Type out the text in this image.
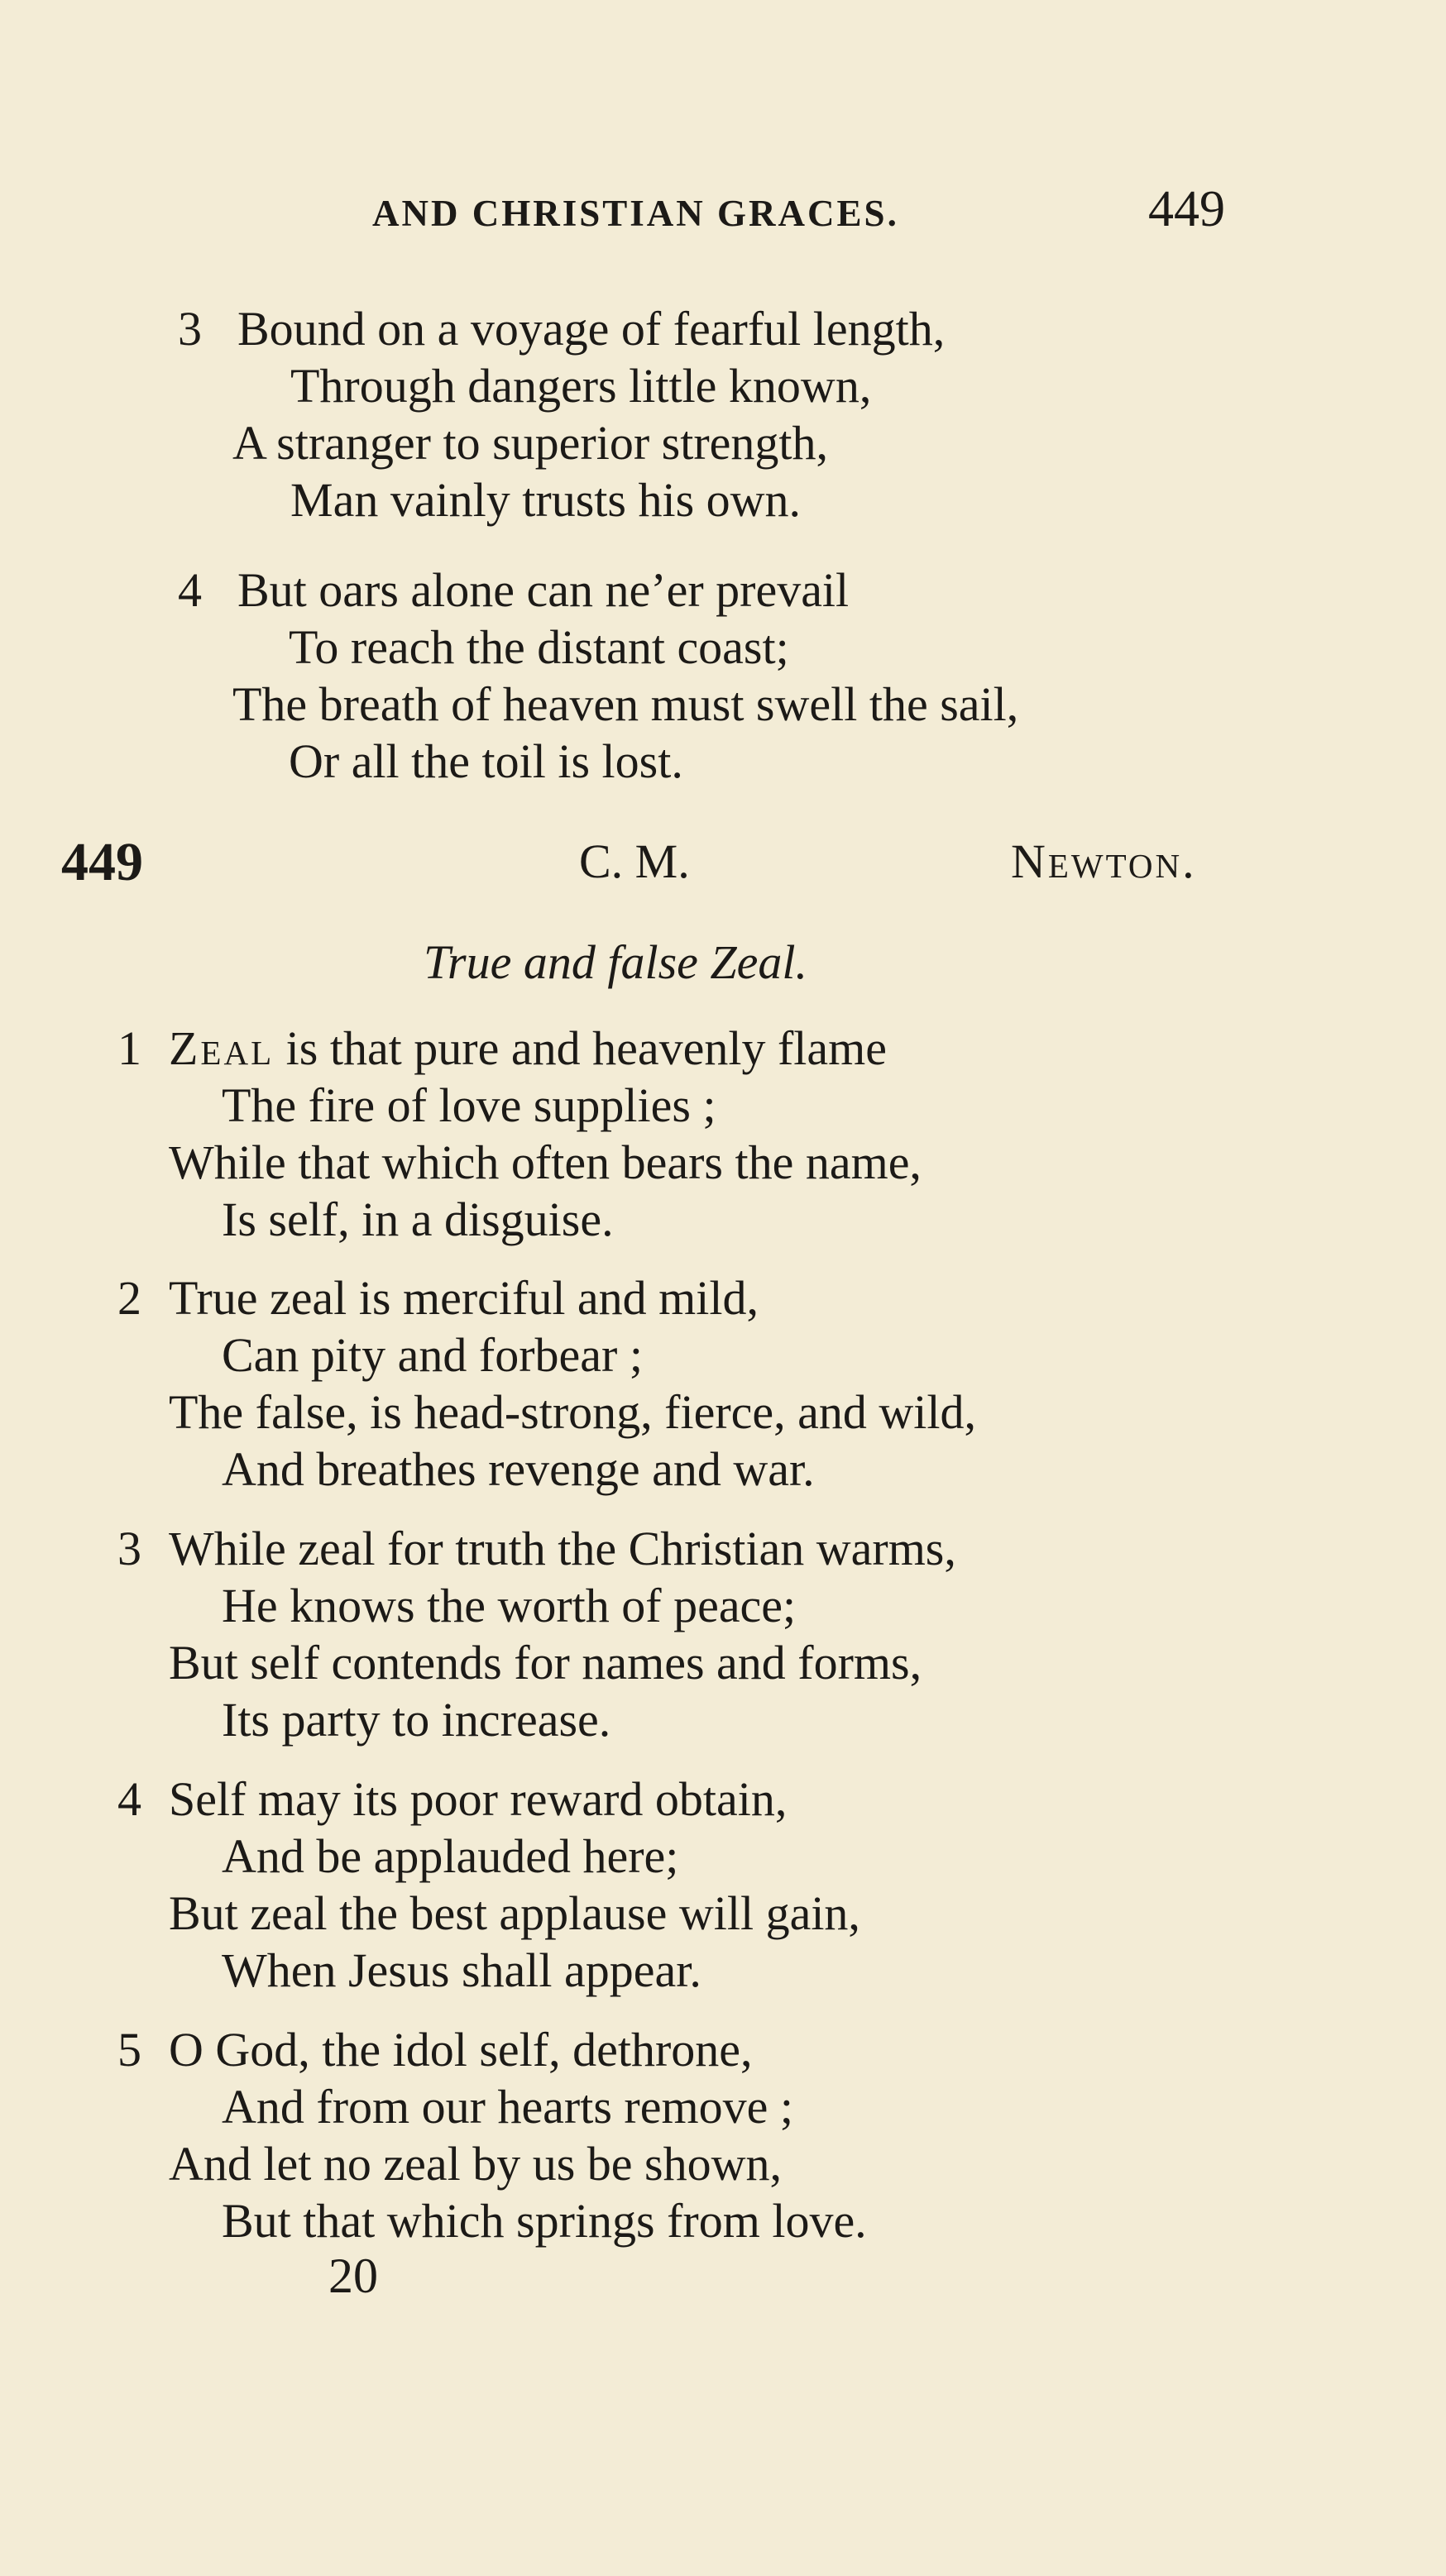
AND CHRISTIAN GRACES.	449
3 Bound on a voyage of fearful length,
Through dangers little known,
A stranger to superior strength,
Man vainly trusts his own.
4 But oars alone can ne’er prevail
To reach the distant coast;
The breath of heaven must swell the sail,
Or all the toil is lost.
449	C. M.	Newton.
True and false Zeal.
1 Zeal is that pure and heavenly flame
The fire of love supplies ;
While that which often bears the name,
Is self, in a disguise.
2 True zeal is merciful and mild,
Can pity and forbear ;
The false, is head-strong, fierce, and wild,
And breathes revenge and war.
3 While zeal for truth the Christian warms,
He knows the worth of peace;
But self contends for names and forms,
Its party to increase.
4 Self may its poor reward obtain,
And be applauded here;
But zeal the best applause will gain,
When Jesus shall appear.
5 O God, the idol self, dethrone,
And from our hearts remove ;
And let no zeal by us be shown,
But that which springs from love.
20
